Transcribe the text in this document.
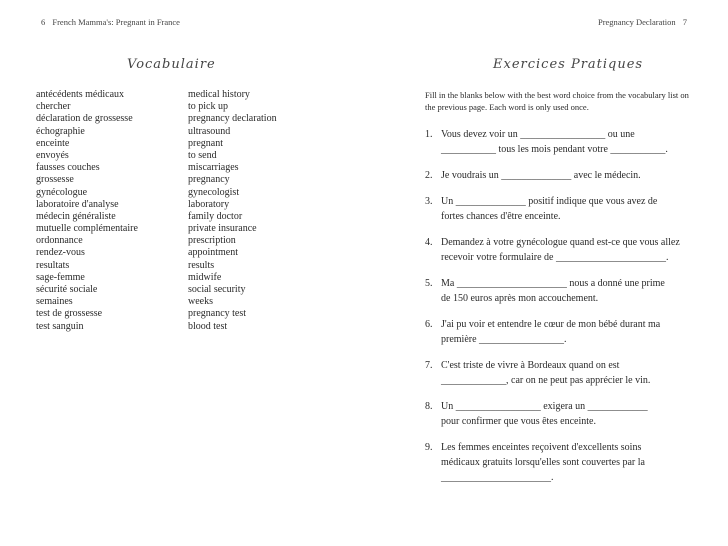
6 French Mamma's: Pregnant in France	Pregnancy Declaration 7
Vocabulaire	Exercices Pratiques
antécédents médicaux	medical history
chercher	to pick up
déclaration de grossesse	pregnancy declaration
échographie	ultrasound
enceinte	pregnant
envoyés	to send
fausses couches	miscarriages
grossesse	pregnancy
gynécologue	gynecologist
laboratoire d'analyse	laboratory
médecin généraliste	family doctor
mutuelle complémentaire	private insurance
ordonnance	prescription
rendez-vous	appointment
resultats	results
sage-femme	midwife
sécurité sociale	social security
semaines	weeks
test de grossesse	pregnancy test
test sanguin	blood test
Fill in the blanks below with the best word choice from the vocabulary list on the previous page. Each word is only used once.
1. Vous devez voir un _________________ ou une
___________ tous les mois pendant votre ___________.
2. Je voudrais un ______________ avec le médecin.
3. Un ______________ positif indique que vous avez de
fortes chances d'être enceinte.
4. Demandez à votre gynécologue quand est-ce que vous allez
recevoir votre formulaire de ______________________.
5. Ma ______________________ nous a donné une prime
de 150 euros après mon accouchement.
6. J'ai pu voir et entendre le cœur de mon bébé durant ma
première _________________.
7. C'est triste de vivre à Bordeaux quand on est
_____________, car on ne peut pas apprécier le vin.
8. Un _________________ exigera un ____________
pour confirmer que vous êtes enceinte.
9. Les femmes enceintes reçoivent d'excellents soins
médicaux gratuits lorsqu'elles sont couvertes par la
______________________.
